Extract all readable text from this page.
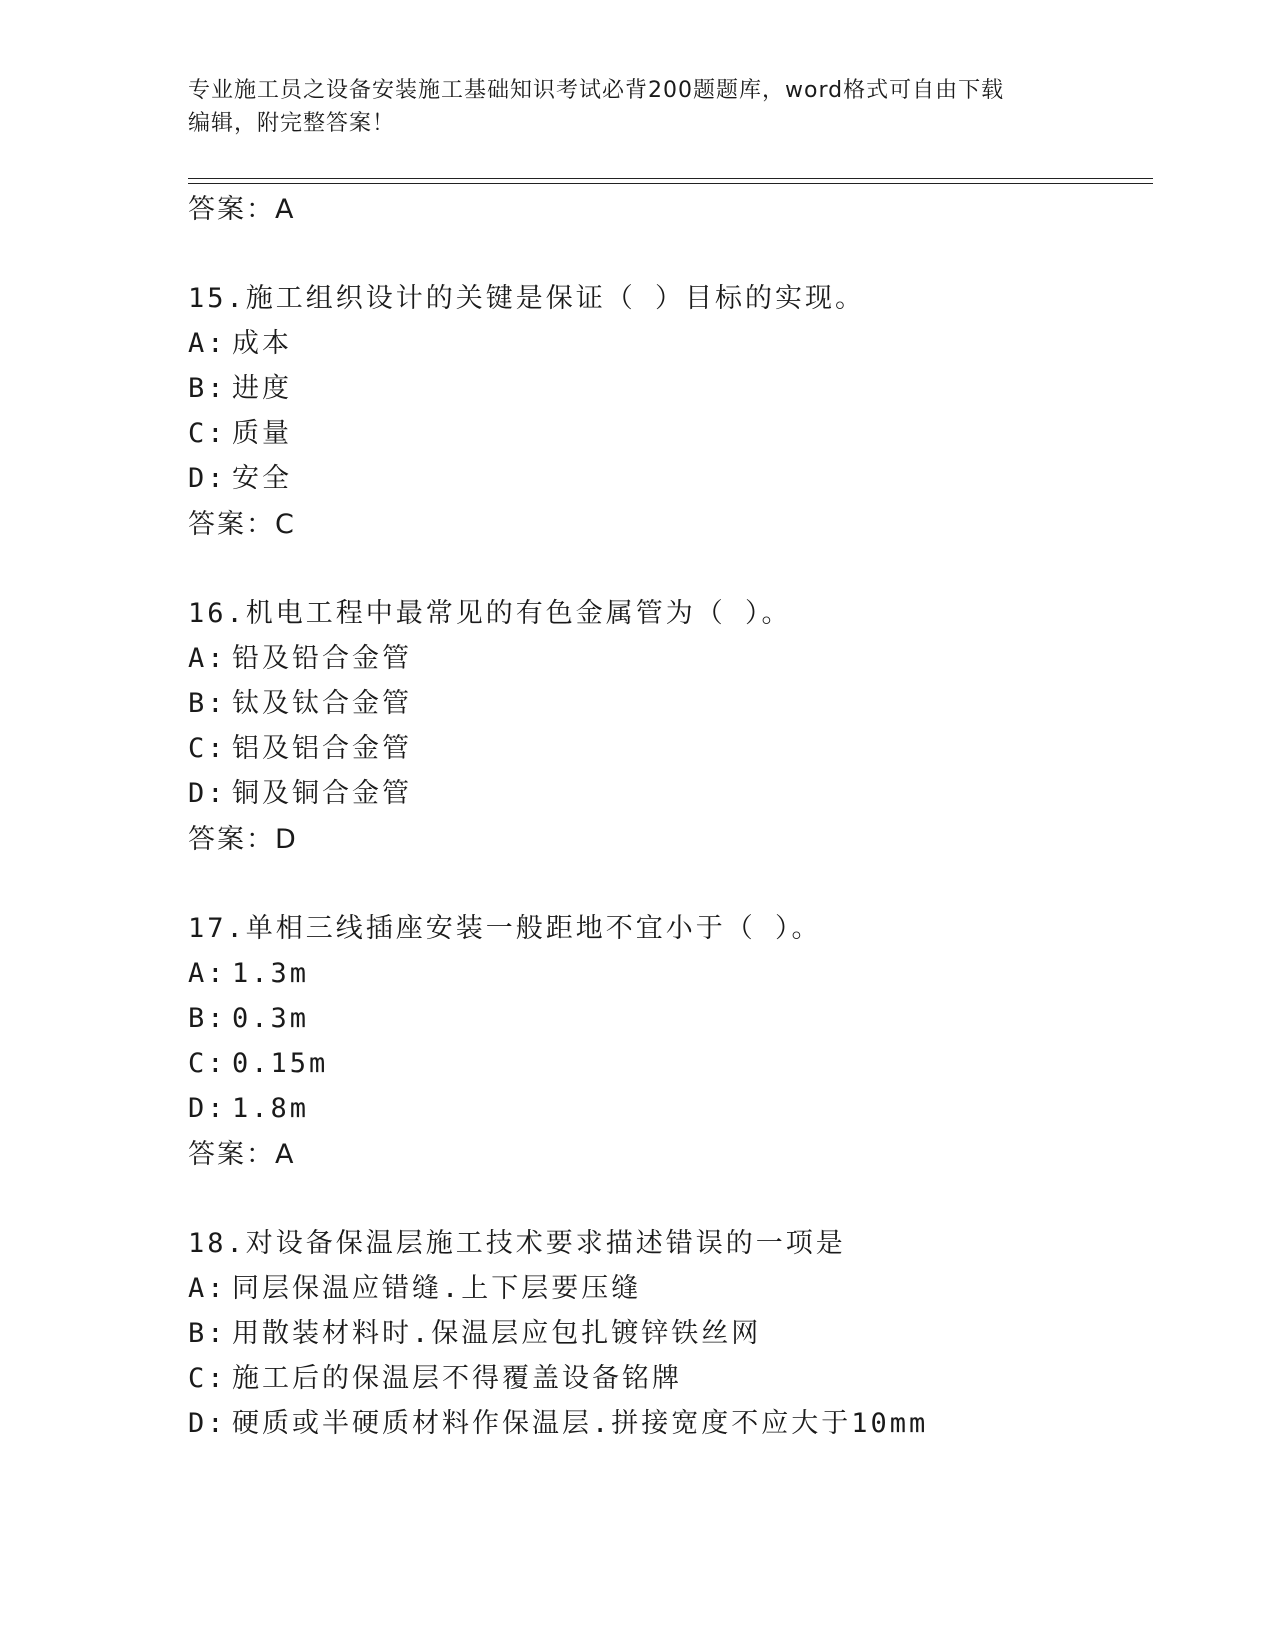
专业施工员之设备安装施工基础知识考试必背200题题库，word格式可自由下载
编辑，附完整答案！
答案：A
15.施工组织设计的关键是保证（ ）目标的实现。
A: 成本
B: 进度
C: 质量
D: 安全
答案：C
16.机电工程中最常见的有色金属管为（ ）。
A: 铅及铅合金管
B: 钛及钛合金管
C: 铝及铝合金管
D: 铜及铜合金管
答案：D
17.单相三线插座安装一般距地不宜小于（ ）。
A: 1.3m
B: 0.3m
C: 0.15m
D: 1.8m
答案：A
18.对设备保温层施工技术要求描述错误的一项是
A: 同层保温应错缝.上下层要压缝
B: 用散装材料时.保温层应包扎镀锌铁丝网
C: 施工后的保温层不得覆盖设备铭牌
D: 硬质或半硬质材料作保温层.拼接宽度不应大于10mm
